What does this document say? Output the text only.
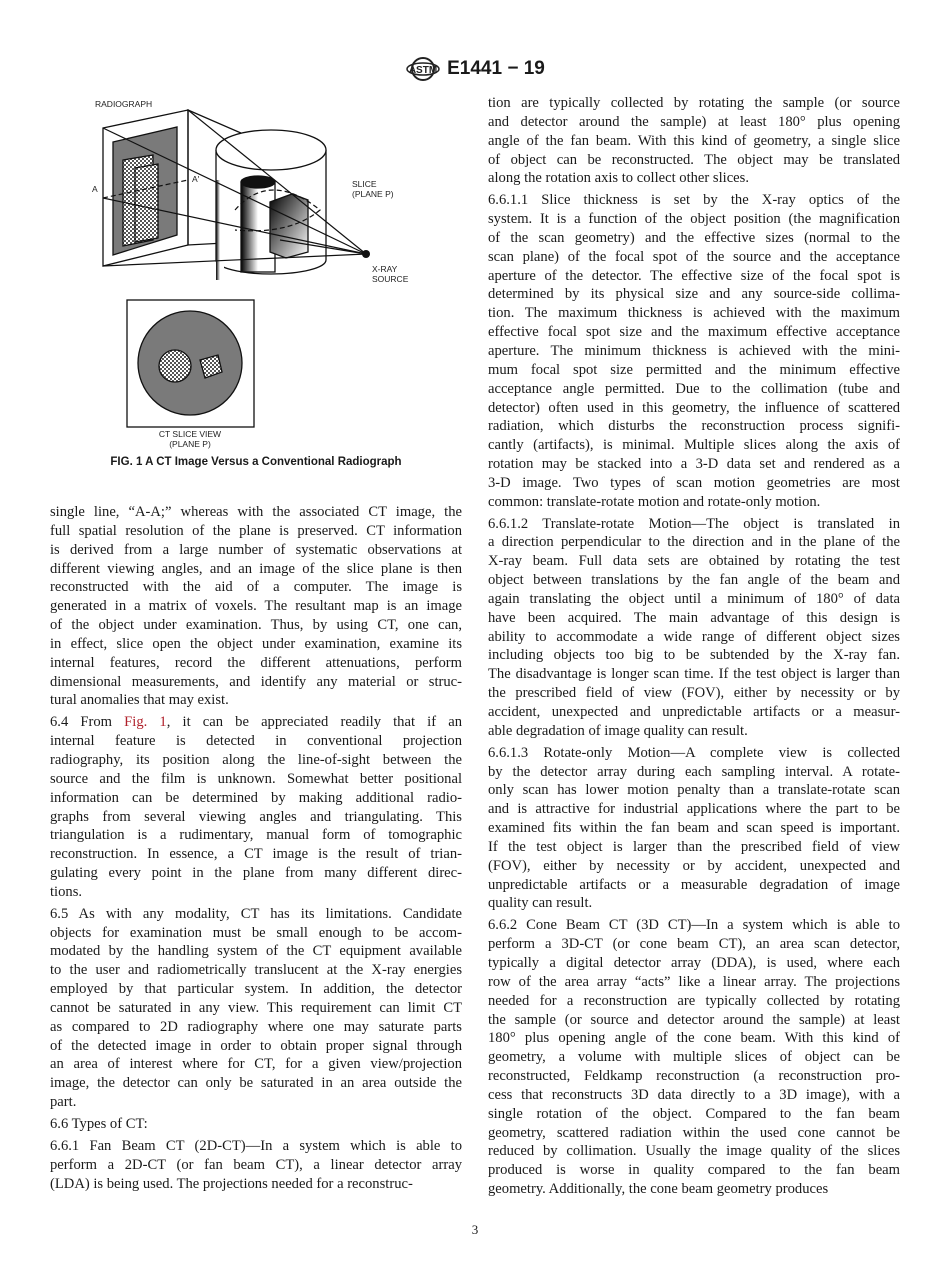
ASTM E1441 − 19
RADIOGRAPH
A
A′	SLICE
(PLANE P)
X-RAY
SOURCE
CT SLICE VIEW
(PLANE P)
FIG. 1 A CT Image Versus a Conventional Radiograph
single line, “A-A;” whereas with the associated CT image, the
full spatial resolution of the plane is preserved. CT information
is derived from a large number of systematic observations at
different viewing angles, and an image of the slice plane is then
reconstructed with the aid of a computer. The image is
generated in a matrix of voxels. The resultant map is an image
of the object under examination. Thus, by using CT, one can,
in effect, slice open the object under examination, examine its
internal features, record the different attenuations, perform
dimensional measurements, and identify any material or struc-
tural anomalies that may exist.
6.4 From Fig. 1, it can be appreciated readily that if an
internal feature is detected in conventional projection
radiography, its position along the line-of-sight between the
source and the film is unknown. Somewhat better positional
information can be determined by making additional radio-
graphs from several viewing angles and triangulating. This
triangulation is a rudimentary, manual form of tomographic
reconstruction. In essence, a CT image is the result of trian-
gulating every point in the plane from many different direc-
tions.
6.5 As with any modality, CT has its limitations. Candidate
objects for examination must be small enough to be accom-
modated by the handling system of the CT equipment available
to the user and radiometrically translucent at the X-ray energies
employed by that particular system. In addition, the detector
cannot be saturated in any view. This requirement can limit CT
as compared to 2D radiography where one may saturate parts
of the detected image in order to obtain proper signal through
an area of interest where for CT, for a given view/projection
image, the detector can only be saturated in an area outside the
part.
6.6 Types of CT:
6.6.1 Fan Beam CT (2D-CT)—In a system which is able to
perform a 2D-CT (or fan beam CT), a linear detector array
(LDA) is being used. The projections needed for a reconstruc-
tion are typically collected by rotating the sample (or source
and detector around the sample) at least 180° plus opening
angle of the fan beam. With this kind of geometry, a single slice
of object can be reconstructed. The object may be translated
along the rotation axis to collect other slices.
6.6.1.1 Slice thickness is set by the X-ray optics of the
system. It is a function of the object position (the magnification
of the scan geometry) and the effective sizes (normal to the
scan plane) of the focal spot of the source and the acceptance
aperture of the detector. The effective size of the focal spot is
determined by its physical size and any source-side collima-
tion. The maximum thickness is achieved with the maximum
effective focal spot size and the maximum effective acceptance
aperture. The minimum thickness is achieved with the mini-
mum focal spot size permitted and the minimum effective
acceptance angle permitted. Due to the collimation (tube and
detector) often used in this geometry, the influence of scattered
radiation, which disturbs the reconstruction process signifi-
cantly (artifacts), is minimal. Multiple slices along the axis of
rotation may be stacked into a 3-D data set and rendered as a
3-D image. Two types of scan motion geometries are most
common: translate-rotate motion and rotate-only motion.
6.6.1.2 Translate-rotate Motion—The object is translated in
a direction perpendicular to the direction and in the plane of the
X-ray beam. Full data sets are obtained by rotating the test
object between translations by the fan angle of the beam and
again translating the object until a minimum of 180° of data
have been acquired. The main advantage of this design is
ability to accommodate a wide range of different object sizes
including objects too big to be subtended by the X-ray fan.
The disadvantage is longer scan time. If the test object is larger than
the prescribed field of view (FOV), either by necessity or by
accident, unexpected and unpredictable artifacts or a measur-
able degradation of image quality can result.
6.6.1.3 Rotate-only Motion—A complete view is collected
by the detector array during each sampling interval. A rotate-
only scan has lower motion penalty than a translate-rotate scan
and is attractive for industrial applications where the part to be
examined fits within the fan beam and scan speed is important.
If the test object is larger than the prescribed field of view
(FOV), either by necessity or by accident, unexpected and
unpredictable artifacts or a measurable degradation of image
quality can result.
6.6.2 Cone Beam CT (3D CT)—In a system which is able to
perform a 3D-CT (or cone beam CT), an area scan detector,
typically a digital detector array (DDA), is used, where each
row of the area array “acts” like a linear array. The projections
needed for a reconstruction are typically collected by rotating
the sample (or source and detector around the sample) at least
180° plus opening angle of the cone beam. With this kind of
geometry, a volume with multiple slices of object can be
reconstructed, Feldkamp reconstruction (a reconstruction pro-
cess that reconstructs 3D data directly to a 3D image), with a
single rotation of the object. Compared to the fan beam
geometry, scattered radiation within the used cone cannot be
reduced by collimation. Usually the image quality of the slices
produced is worse in quality compared to the fan beam
geometry. Additionally, the cone beam geometry produces
3
